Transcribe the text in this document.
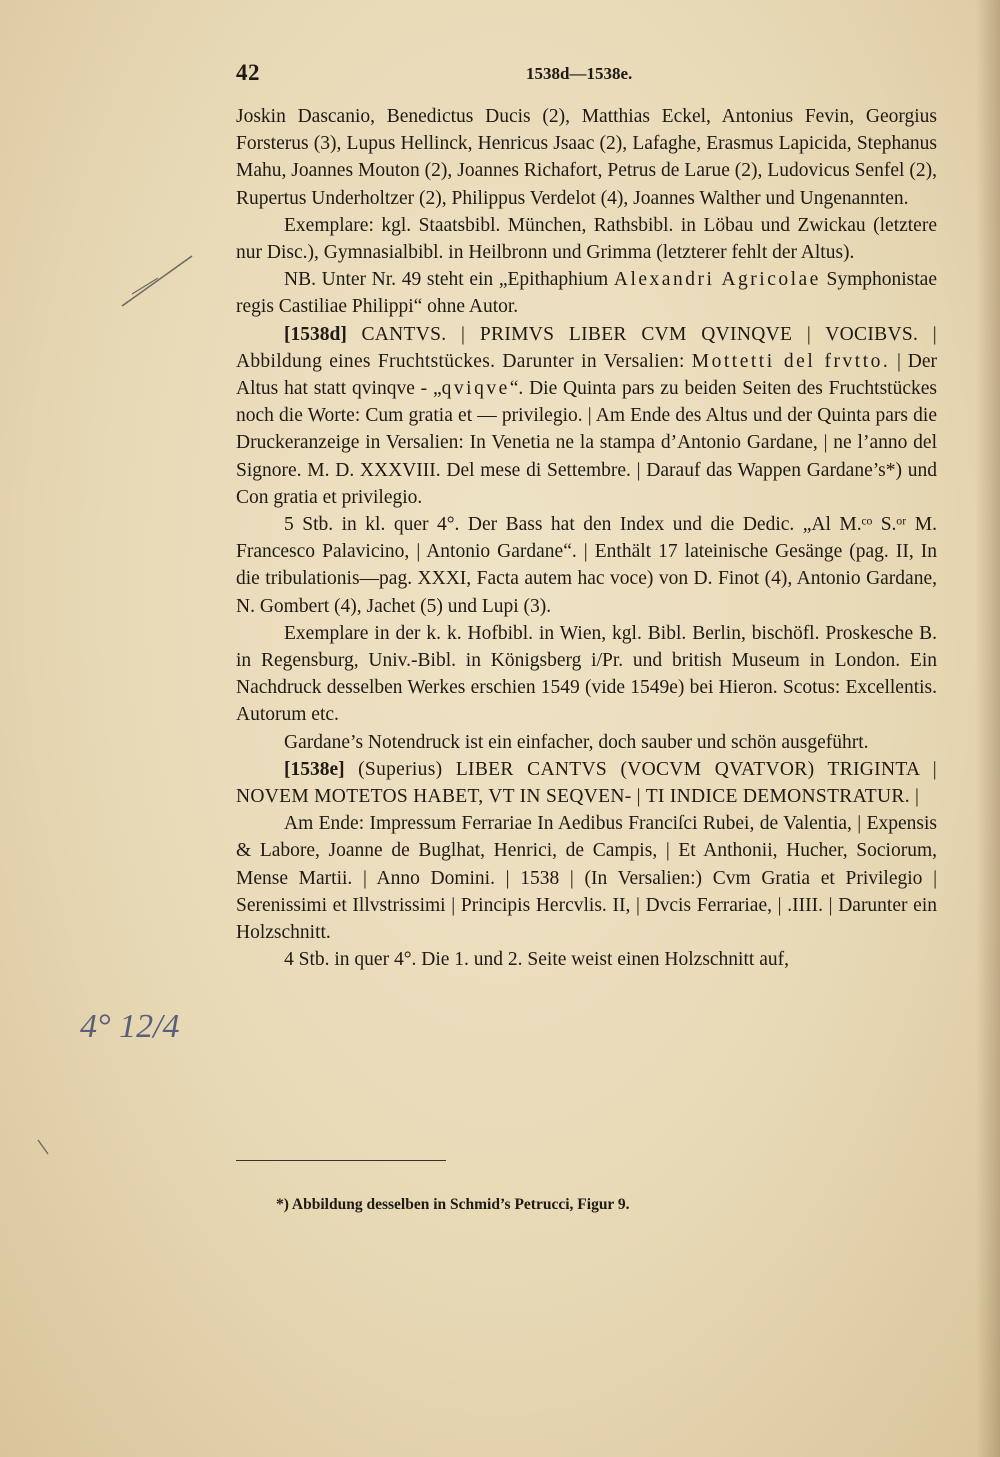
42	1538d—1538e.

Joskin Dascanio, Benedictus Ducis (2), Matthias Eckel, Antonius Fevin, Georgius Forsterus (3), Lupus Hellinck, Henricus Jsaac (2), Lafaghe, Erasmus Lapicida, Stephanus Mahu, Joannes Mouton (2), Joannes Richafort, Petrus de Larue (2), Ludovicus Senfel (2), Rupertus Underholtzer (2), Philippus Verdelot (4), Joannes Walther und Ungenannten.

Exemplare: kgl. Staatsbibl. München, Rathsbibl. in Löbau und Zwickau (letztere nur Disc.), Gymnasialbibl. in Heilbronn und Grimma (letzterer fehlt der Altus).

NB. Unter Nr. 49 steht ein „Epithaphium Alexandri Agricolae Symphonistae regis Castiliae Philippi“ ohne Autor.

[1538d] CANTVS. | PRIMVS LIBER CVM QVINQVE | VOCIBVS. | Abbildung eines Fruchtstückes. Darunter in Versalien: Mottetti del frvtto. | Der Altus hat statt qvinqve - „qviqve“. Die Quinta pars zu beiden Seiten des Fruchtstückes noch die Worte: Cum gratia et — privilegio. | Am Ende des Altus und der Quinta pars die Druckeranzeige in Versalien: In Venetia ne la stampa d’Antonio Gardane, | ne l’anno del Signore. M. D. XXXVIII. Del mese di Settembre. | Darauf das Wappen Gardane’s*) und Con gratia et privilegio.

5 Stb. in kl. quer 4°. Der Bass hat den Index und die Dedic. „Al M.ᶜᵒ S.ᵒʳ M. Francesco Palavicino, | Antonio Gardane“. | Enthält 17 lateinische Gesänge (pag. II, In die tribulationis—pag. XXXI, Facta autem hac voce) von D. Finot (4), Antonio Gardane, N. Gombert (4), Jachet (5) und Lupi (3).

Exemplare in der k. k. Hofbibl. in Wien, kgl. Bibl. Berlin, bischöfl. Proskesche B. in Regensburg, Univ.-Bibl. in Königsberg i/Pr. und british Museum in London. Ein Nachdruck desselben Werkes erschien 1549 (vide 1549e) bei Hieron. Scotus: Excellentis. Autorum etc.

Gardane’s Notendruck ist ein einfacher, doch sauber und schön ausgeführt.

[1538e] (Superius) LIBER CANTVS (VOCVM QVATVOR) TRIGINTA | NOVEM MOTETOS HABET, VT IN SEQVEN- | TI INDICE DEMONSTRATUR. |

Am Ende: Impressum Ferrariae In Aedibus Franciſci Rubei, de Valentia, | Expensis & Labore, Joanne de Buglhat, Henrici, de Campis, | Et Anthonii, Hucher, Sociorum, Mense Martii. | Anno Domini. | 1538 | (In Versalien:) Cvm Gratia et Privilegio | Serenissimi et Illvstrissimi | Principis Hercvlis. II, | Dvcis Ferrariae, | .IIII. | Darunter ein Holzschnitt.

4 Stb. in quer 4°. Die 1. und 2. Seite weist einen Holzschnitt auf,

*) Abbildung desselben in Schmid’s Petrucci, Figur 9.
4° 12/4
